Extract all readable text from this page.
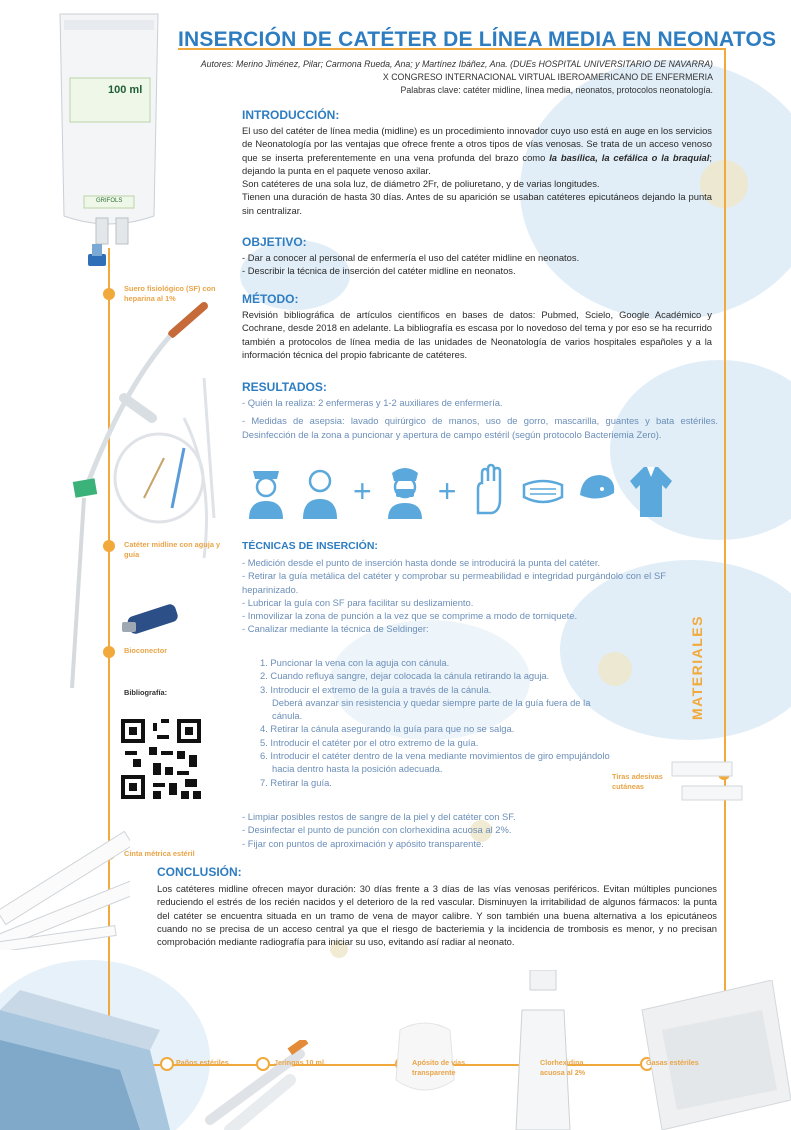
INSERCIÓN DE CATÉTER DE LÍNEA MEDIA EN NEONATOS
Autores: Merino Jiménez, Pilar; Carmona Rueda, Ana; y Martínez Ibáñez, Ana. (DUEs HOSPITAL UNIVERSITARIO DE NAVARRA)
X CONGRESO INTERNACIONAL VIRTUAL IBEROAMERICANO DE ENFERMERIA
Palabras clave: catéter midline, línea media, neonatos, protocolos neonatología.
100 ml
GRIFOLS
Suero fisiológico (SF) con heparina al 1%
Catéter midline con aguja y guía
Bioconector
Bibliografía:
Cinta métrica estéril
Tiras adesivas cutáneas
MATERIALES
Paños estériles	Jeringas 10 ml.	Apósito de vías transparente
Clorhexidina acuosa al 2%
Gasas estériles
INTRODUCCIÓN:

El uso del catéter de línea media (midline) es un procedimiento innovador cuyo uso está en auge en los servicios de Neonatología por las ventajas que ofrece frente a otros tipos de vías venosas. Se trata de un acceso venoso que se inserta preferentemente en una vena profunda del brazo como la basílica, la cefálica o la braquial; dejando la punta en el paquete venoso axilar.

Son catéteres de una sola luz, de diámetro 2Fr, de poliuretano, y de varias longitudes.

Tienen una duración de hasta 30 días. Antes de su aparición se usaban catéteres epicutáneos dejando la punta sin centralizar.

OBJETIVO:

- Dar a conocer al personal de enfermería el uso del catéter midline en neonatos.

- Describir la técnica de inserción del catéter midline en neonatos.

MÉTODO:
Revisión bibliográfica de artículos científicos en bases de datos: Pubmed, Scielo, Google Académico y Cochrane, desde 2018 en adelante. La bibliografía es escasa por lo novedoso del tema y por eso se ha recurrido también a protocolos de línea media de las unidades de Neonatología de varios hospitales españoles y a la información técnica del propio fabricante de catéteres.
RESULTADOS:

- Quién la realiza: 2 enfermeras y 1-2 auxiliares de enfermería.

- Medidas de asepsia: lavado quirúrgico de manos, uso de gorro, mascarilla, guantes y bata estériles. Desinfección de la zona a puncionar y apertura de campo estéril (según protocolo Bacteriemia Zero).

+ +
TÉCNICAS DE INSERCIÓN:

- Medición desde el punto de inserción hasta donde se introducirá la punta del catéter.

- Retirar la guía metálica del catéter y comprobar su permeabilidad e integridad purgándolo con el SF heparinizado.

- Lubricar la guía con SF para facilitar su deslizamiento.

- Inmovilizar la zona de punción a la vez que se comprime a modo de torniquete.

- Canalizar mediante la técnica de Seldinger:

1. Puncionar la vena con la aguja con cánula.

2. Cuando refluya sangre, dejar colocada la cánula retirando la aguja.

3. Introducir el extremo de la guía a través de la cánula.

Deberá avanzar sin resistencia y quedar siempre parte de la guía fuera de la cánula.

4. Retirar la cánula asegurando la guía para que no se salga.

5. Introducir el catéter por el otro extremo de la guía.

6. Introducir el catéter dentro de la vena mediante movimientos de giro empujándolo hacia dentro hasta la posición adecuada.

7. Retirar la guía.

- Limpiar posibles restos de sangre de la piel y del catéter con SF.

- Desinfectar el punto de punción con clorhexidina acuosa al 2%.

- Fijar con puntos de aproximación y apósito transparente.

CONCLUSIÓN:
Los catéteres midline ofrecen mayor duración: 30 días frente a 3 días de las vías venosas periféricos. Evitan múltiples punciones reduciendo el estrés de los recién nacidos y el deterioro de la red vascular. Disminuyen la irritabilidad de algunos fármacos: la punta del catéter se encuentra situada en un tramo de vena de mayor calibre. Y son también una buena alternativa a los epicutáneos cuando no se precisa de un acceso central ya que el riesgo de bacteriemia y la incidencia de trombosis es menor, y no precisan comprobación mediante radiografía para iniciar su uso, evitando así radiar al neonato.
